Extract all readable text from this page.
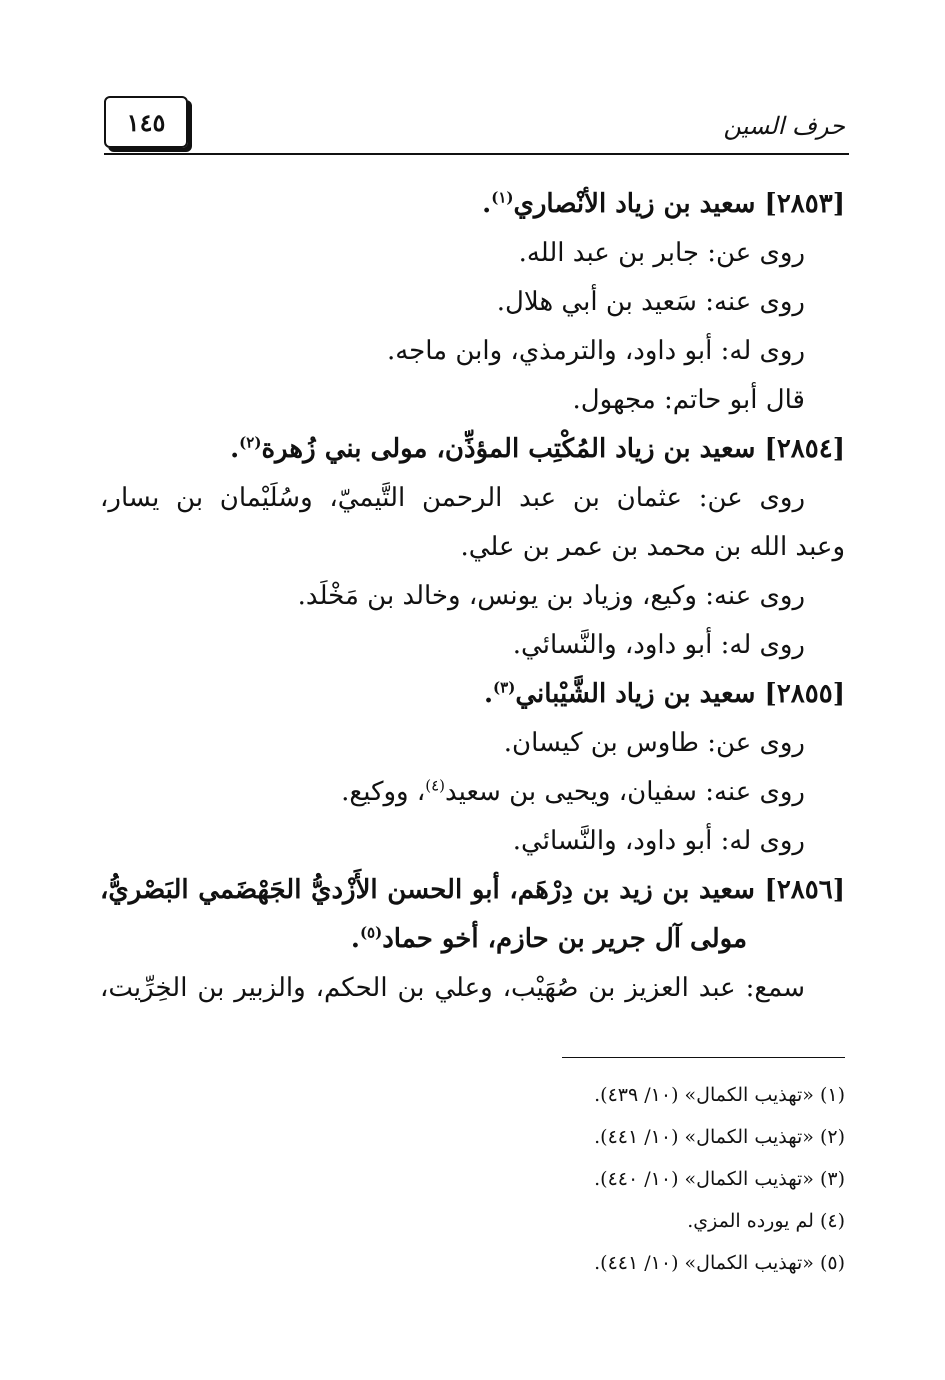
١٤٥	حرف السين
[٢٨٥٣] سعيد بن زياد الأنْصاري$^{(١)}$.
روى عن: جابر بن عبد الله.
روى عنه: سَعيد بن أبي هلال.
روى له: أبو داود، والترمذي، وابن ماجه.
قال أبو حاتم: مجهول.
[٢٨٥٤] سعيد بن زياد المُكْتِب المؤذِّن، مولى بني زُهرة$^{(٢)}$.
روى عن: عثمان بن عبد الرحمن التَّيميّ، وسُلَيْمان بن يسار،
وعبد الله بن محمد بن عمر بن علي.
روى عنه: وكيع، وزياد بن يونس، وخالد بن مَخْلَد.
روى له: أبو داود، والنَّسائي.
[٢٨٥٥] سعيد بن زياد الشَّيْباني$^{(٣)}$.
روى عن: طاوس بن كيسان.
روى عنه: سفيان، ويحيى بن سعيد$^{(٤)}$، ووكيع.
روى له: أبو داود، والنَّسائي.
[٢٨٥٦] سعيد بن زيد بن دِرْهَم، أبو الحسن الأَزْديُّ الجَهْضَمي البَصْريُّ،
مولى آل جرير بن حازم، أخو حماد$^{(٥)}$.
سمع: عبد العزيز بن صُهَيْب، وعلي بن الحكم، والزبير بن الخِرِّيت،
(١) «تهذيب الكمال» (١٠/ ٤٣٩).
(٢) «تهذيب الكمال» (١٠/ ٤٤١).
(٣) «تهذيب الكمال» (١٠/ ٤٤٠).
(٤) لم يورده المزي.
(٥) «تهذيب الكمال» (١٠/ ٤٤١).
